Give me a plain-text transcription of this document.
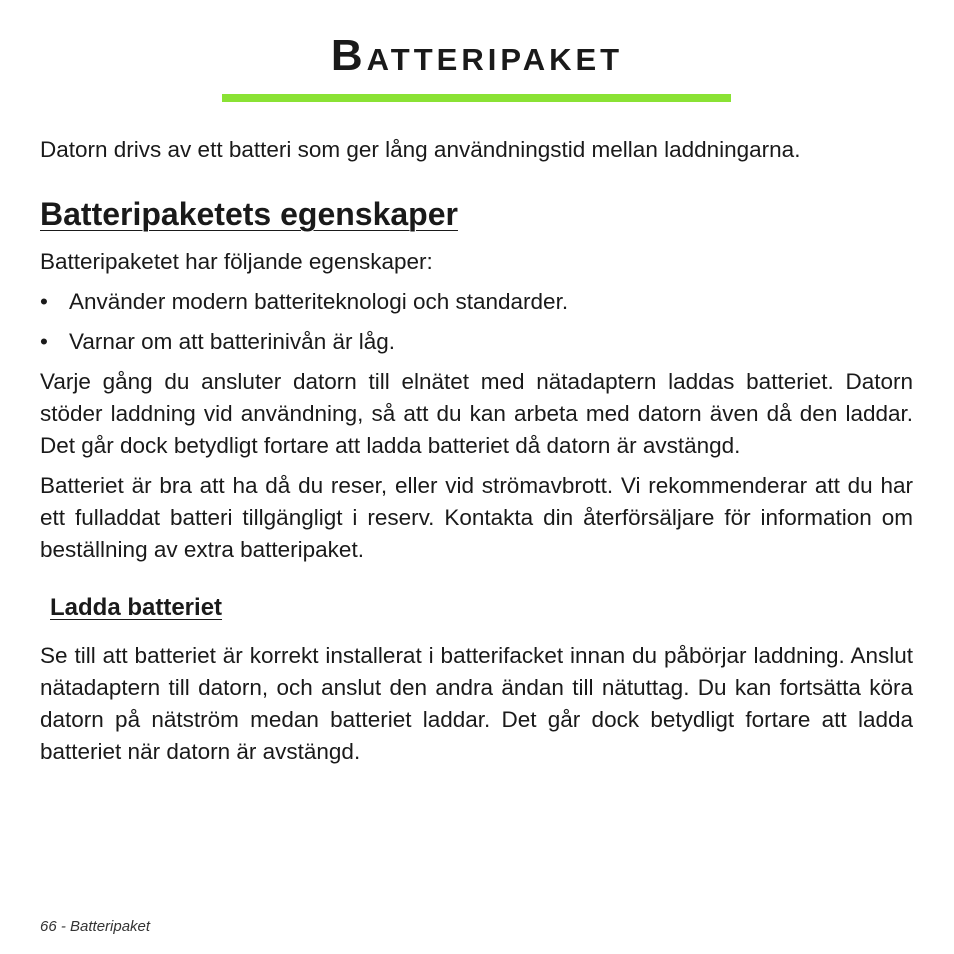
Batteripaket

Datorn drivs av ett batteri som ger lång användningstid mellan laddningarna.

Batteripaketets egenskaper

Batteripaketet har följande egenskaper:

• Använder modern batteriteknologi och standarder.
• Varnar om att batterinivån är låg.

Varje gång du ansluter datorn till elnätet med nätadaptern laddas batteriet. Datorn stöder laddning vid användning, så att du kan arbeta med datorn även då den laddar. Det går dock betydligt fortare att ladda batteriet då datorn är avstängd.

Batteriet är bra att ha då du reser, eller vid strömavbrott. Vi rekommenderar att du har ett fulladdat batteri tillgängligt i reserv. Kontakta din återförsäljare för information om beställning av extra batteripaket.

Ladda batteriet

Se till att batteriet är korrekt installerat i batterifacket innan du påbörjar laddning. Anslut nätadaptern till datorn, och anslut den andra ändan till nätuttag. Du kan fortsätta köra datorn på nätström medan batteriet laddar. Det går dock betydligt fortare att ladda batteriet när datorn är avstängd.

66 - Batteripaket
